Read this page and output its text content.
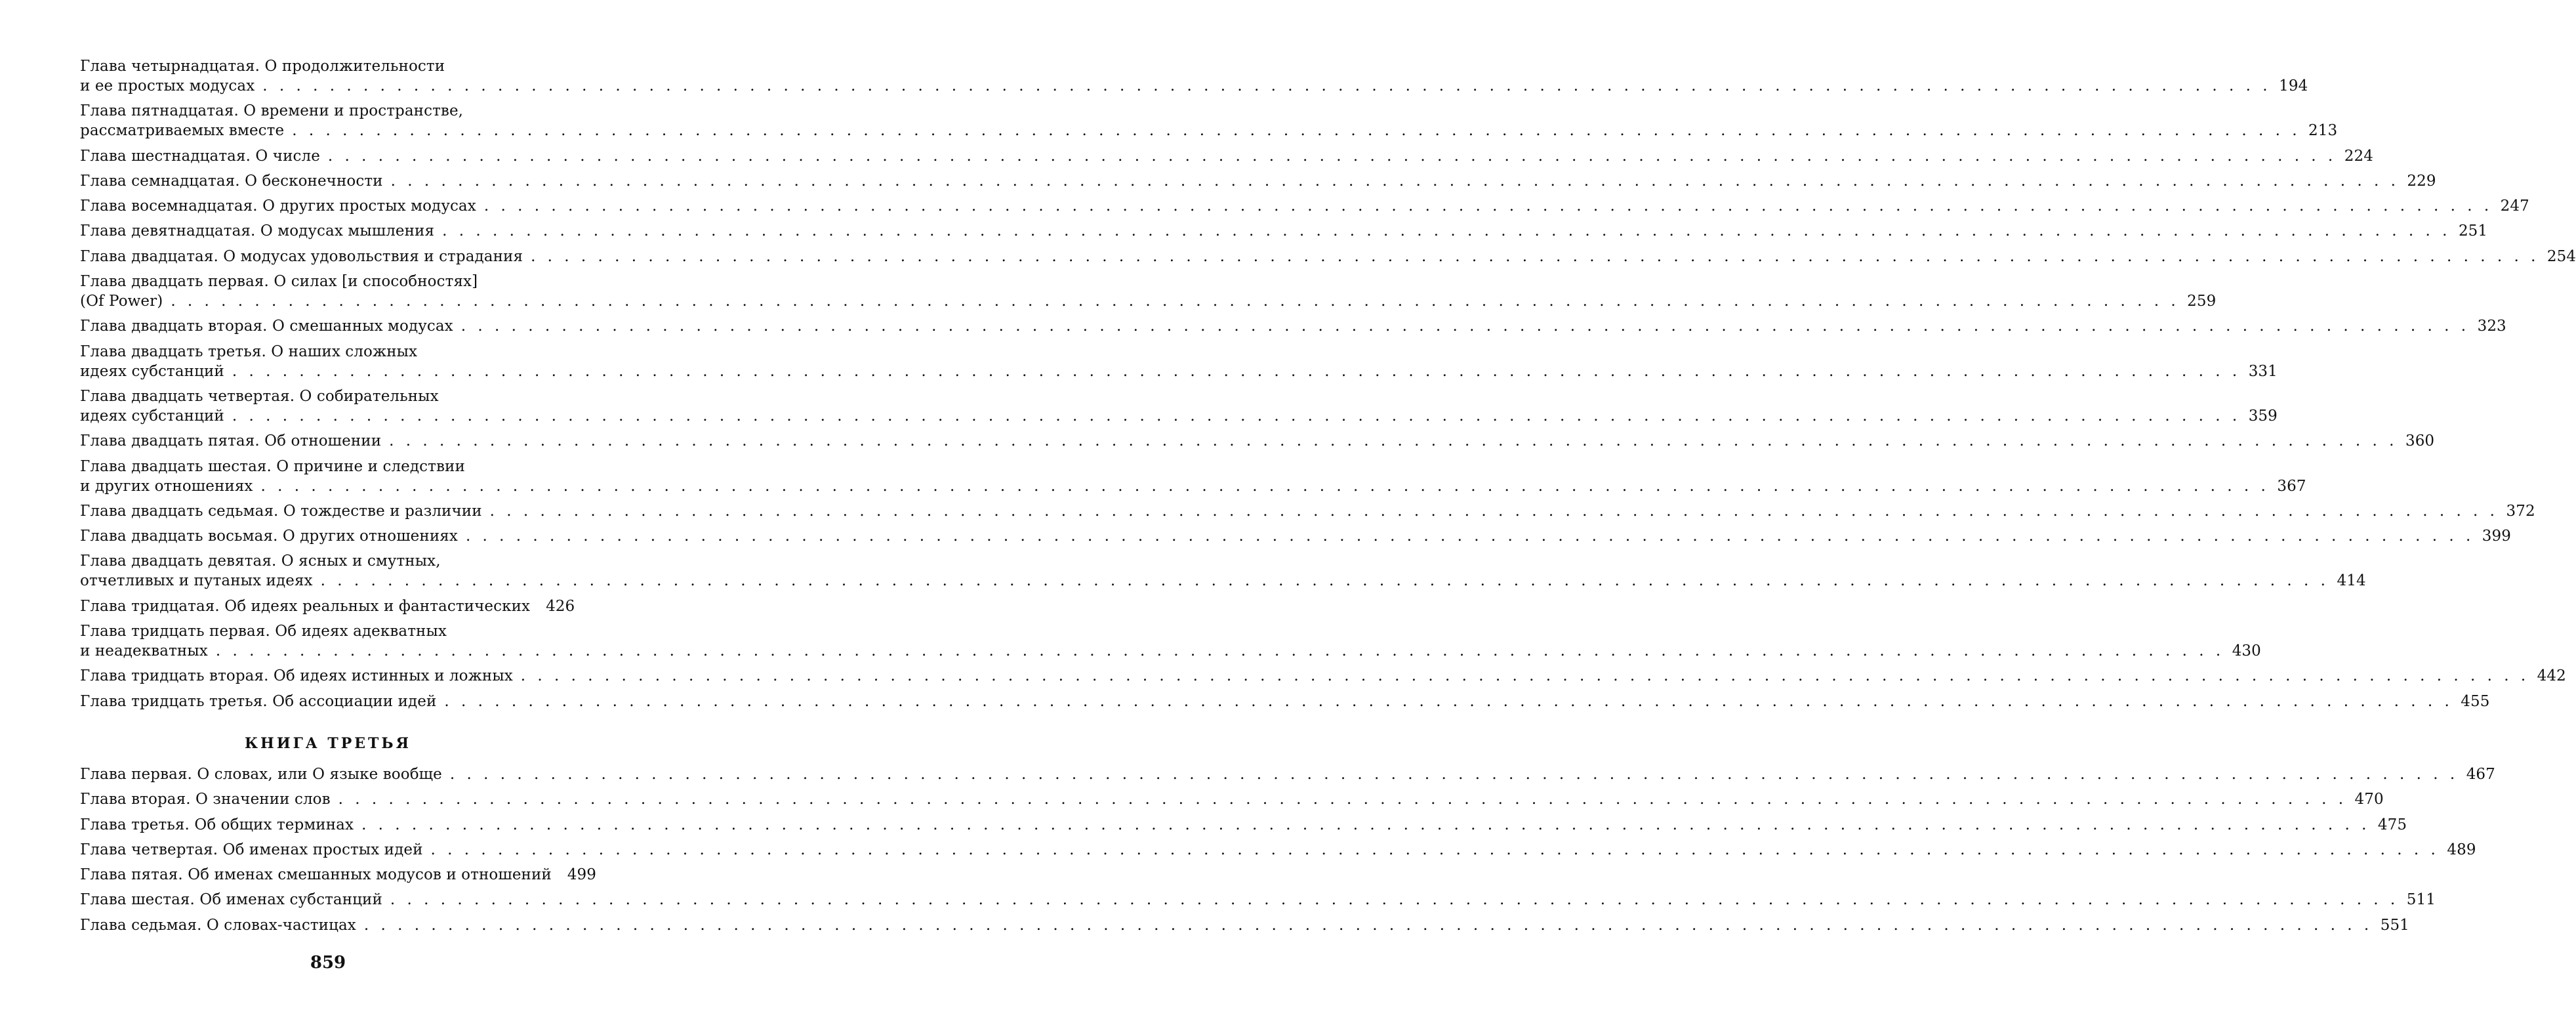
Глава четырнадцатая. О продолжительности
и ее простых модусах . . . . . . . . . . . . . . . . . . . . . . . . . . . . . . . . . . . . . . . . . . . . . . . . . . . . . . . . . . . . . . . . . . . . . . . . . . . . . . . . . . . . . . . . . . . . . . . . . . . . . . . . . . . . . . . . . . . . . . . . 194
Глава пятнадцатая. О времени и пространстве,
рассматриваемых вместе . . . . . . . . . . . . . . . . . . . . . . . . . . . . . . . . . . . . . . . . . . . . . . . . . . . . . . . . . . . . . . . . . . . . . . . . . . . . . . . . . . . . . . . . . . . . . . . . . . . . . . . . . . . . . . . . . . . . . . . . 213
Глава шестнадцатая. О числе . . . . . . . . . . . . . . . . . . . . . . . . . . . . . . . . . . . . . . . . . . . . . . . . . . . . . . . . . . . . . . . . . . . . . . . . . . . . . . . . . . . . . . . . . . . . . . . . . . . . . . . . . . . . . . . . . . . . . . . . 224
Глава семнадцатая. О бесконечности . . . . . . . . . . . . . . . . . . . . . . . . . . . . . . . . . . . . . . . . . . . . . . . . . . . . . . . . . . . . . . . . . . . . . . . . . . . . . . . . . . . . . . . . . . . . . . . . . . . . . . . . . . . . . . . . . . . . . . . . 229
Глава восемнадцатая. О других простых модусах . . . . . . . . . . . . . . . . . . . . . . . . . . . . . . . . . . . . . . . . . . . . . . . . . . . . . . . . . . . . . . . . . . . . . . . . . . . . . . . . . . . . . . . . . . . . . . . . . . . . . . . . . . . . . . . . . . . . . . . . 247
Глава девятнадцатая. О модусах мышления . . . . . . . . . . . . . . . . . . . . . . . . . . . . . . . . . . . . . . . . . . . . . . . . . . . . . . . . . . . . . . . . . . . . . . . . . . . . . . . . . . . . . . . . . . . . . . . . . . . . . . . . . . . . . . . . . . . . . . . . 251
Глава двадцатая. О модусах удовольствия и страдания . . . . . . . . . . . . . . . . . . . . . . . . . . . . . . . . . . . . . . . . . . . . . . . . . . . . . . . . . . . . . . . . . . . . . . . . . . . . . . . . . . . . . . . . . . . . . . . . . . . . . . . . . . . . . . . . . . . . . . . . 254
Глава двадцать первая. О силах [и способностях]
(Of Power) . . . . . . . . . . . . . . . . . . . . . . . . . . . . . . . . . . . . . . . . . . . . . . . . . . . . . . . . . . . . . . . . . . . . . . . . . . . . . . . . . . . . . . . . . . . . . . . . . . . . . . . . . . . . . . . . . . . . . . . . 259
Глава двадцать вторая. О смешанных модусах . . . . . . . . . . . . . . . . . . . . . . . . . . . . . . . . . . . . . . . . . . . . . . . . . . . . . . . . . . . . . . . . . . . . . . . . . . . . . . . . . . . . . . . . . . . . . . . . . . . . . . . . . . . . . . . . . . . . . . . . 323
Глава двадцать третья. О наших сложных
идеях субстанций . . . . . . . . . . . . . . . . . . . . . . . . . . . . . . . . . . . . . . . . . . . . . . . . . . . . . . . . . . . . . . . . . . . . . . . . . . . . . . . . . . . . . . . . . . . . . . . . . . . . . . . . . . . . . . . . . . . . . . . . 331
Глава двадцать четвертая. О собирательных
идеях субстанций . . . . . . . . . . . . . . . . . . . . . . . . . . . . . . . . . . . . . . . . . . . . . . . . . . . . . . . . . . . . . . . . . . . . . . . . . . . . . . . . . . . . . . . . . . . . . . . . . . . . . . . . . . . . . . . . . . . . . . . . 359
Глава двадцать пятая. Об отношении . . . . . . . . . . . . . . . . . . . . . . . . . . . . . . . . . . . . . . . . . . . . . . . . . . . . . . . . . . . . . . . . . . . . . . . . . . . . . . . . . . . . . . . . . . . . . . . . . . . . . . . . . . . . . . . . . . . . . . . . 360
Глава двадцать шестая. О причине и следствии
и других отношениях . . . . . . . . . . . . . . . . . . . . . . . . . . . . . . . . . . . . . . . . . . . . . . . . . . . . . . . . . . . . . . . . . . . . . . . . . . . . . . . . . . . . . . . . . . . . . . . . . . . . . . . . . . . . . . . . . . . . . . . . 367
Глава двадцать седьмая. О тождестве и различии . . . . . . . . . . . . . . . . . . . . . . . . . . . . . . . . . . . . . . . . . . . . . . . . . . . . . . . . . . . . . . . . . . . . . . . . . . . . . . . . . . . . . . . . . . . . . . . . . . . . . . . . . . . . . . . . . . . . . . . . 372
Глава двадцать восьмая. О других отношениях . . . . . . . . . . . . . . . . . . . . . . . . . . . . . . . . . . . . . . . . . . . . . . . . . . . . . . . . . . . . . . . . . . . . . . . . . . . . . . . . . . . . . . . . . . . . . . . . . . . . . . . . . . . . . . . . . . . . . . . . 399
Глава двадцать девятая. О ясных и смутных,
отчетливых и путаных идеях . . . . . . . . . . . . . . . . . . . . . . . . . . . . . . . . . . . . . . . . . . . . . . . . . . . . . . . . . . . . . . . . . . . . . . . . . . . . . . . . . . . . . . . . . . . . . . . . . . . . . . . . . . . . . . . . . . . . . . . . 414
Глава тридцатая. Об идеях реальных и фантастических 426
Глава тридцать первая. Об идеях адекватных
и неадекватных . . . . . . . . . . . . . . . . . . . . . . . . . . . . . . . . . . . . . . . . . . . . . . . . . . . . . . . . . . . . . . . . . . . . . . . . . . . . . . . . . . . . . . . . . . . . . . . . . . . . . . . . . . . . . . . . . . . . . . . . 430
Глава тридцать вторая. Об идеях истинных и ложных . . . . . . . . . . . . . . . . . . . . . . . . . . . . . . . . . . . . . . . . . . . . . . . . . . . . . . . . . . . . . . . . . . . . . . . . . . . . . . . . . . . . . . . . . . . . . . . . . . . . . . . . . . . . . . . . . . . . . . . . 442
Глава тридцать третья. Об ассоциации идей . . . . . . . . . . . . . . . . . . . . . . . . . . . . . . . . . . . . . . . . . . . . . . . . . . . . . . . . . . . . . . . . . . . . . . . . . . . . . . . . . . . . . . . . . . . . . . . . . . . . . . . . . . . . . . . . . . . . . . . . 455
КНИГА ТРЕТЬЯ
Глава первая. О словах, или О языке вообще . . . . . . . . . . . . . . . . . . . . . . . . . . . . . . . . . . . . . . . . . . . . . . . . . . . . . . . . . . . . . . . . . . . . . . . . . . . . . . . . . . . . . . . . . . . . . . . . . . . . . . . . . . . . . . . . . . . . . . . . 467
Глава вторая. О значении слов . . . . . . . . . . . . . . . . . . . . . . . . . . . . . . . . . . . . . . . . . . . . . . . . . . . . . . . . . . . . . . . . . . . . . . . . . . . . . . . . . . . . . . . . . . . . . . . . . . . . . . . . . . . . . . . . . . . . . . . . 470
Глава третья. Об общих терминах . . . . . . . . . . . . . . . . . . . . . . . . . . . . . . . . . . . . . . . . . . . . . . . . . . . . . . . . . . . . . . . . . . . . . . . . . . . . . . . . . . . . . . . . . . . . . . . . . . . . . . . . . . . . . . . . . . . . . . . . 475
Глава четвертая. Об именах простых идей . . . . . . . . . . . . . . . . . . . . . . . . . . . . . . . . . . . . . . . . . . . . . . . . . . . . . . . . . . . . . . . . . . . . . . . . . . . . . . . . . . . . . . . . . . . . . . . . . . . . . . . . . . . . . . . . . . . . . . . . 489
Глава пятая. Об именах смешанных модусов и отношений 499
Глава шестая. Об именах субстанций . . . . . . . . . . . . . . . . . . . . . . . . . . . . . . . . . . . . . . . . . . . . . . . . . . . . . . . . . . . . . . . . . . . . . . . . . . . . . . . . . . . . . . . . . . . . . . . . . . . . . . . . . . . . . . . . . . . . . . . . 511
Глава седьмая. О словах-частицах . . . . . . . . . . . . . . . . . . . . . . . . . . . . . . . . . . . . . . . . . . . . . . . . . . . . . . . . . . . . . . . . . . . . . . . . . . . . . . . . . . . . . . . . . . . . . . . . . . . . . . . . . . . . . . . . . . . . . . . . 551
859
